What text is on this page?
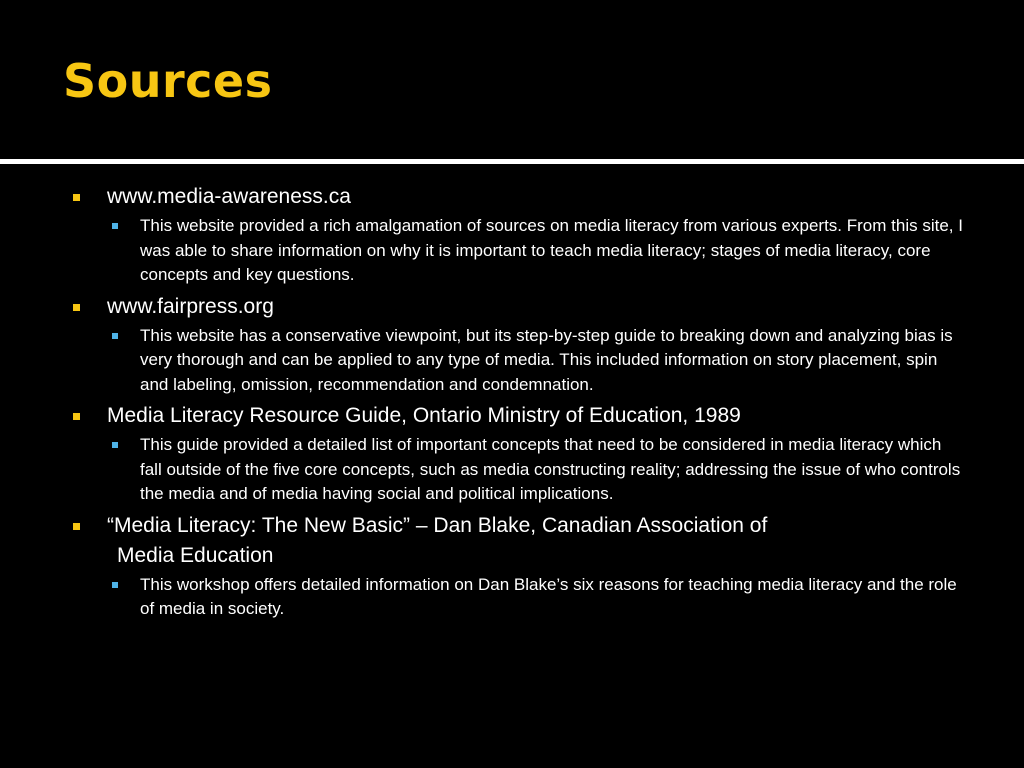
Sources
www.media-awareness.ca
This website provided a rich amalgamation of sources on media literacy from various experts. From this site, I was able to share information on why it is important to teach media literacy; stages of media literacy, core concepts and key questions.
www.fairpress.org
This website has a conservative viewpoint, but its step-by-step guide to breaking down and analyzing bias is very thorough and can be applied to any type of media. This included information on story placement, spin and labeling, omission, recommendation and condemnation.
Media Literacy Resource Guide, Ontario Ministry of Education, 1989
This guide provided a detailed list of important concepts that need to be considered in media literacy which fall outside of the five core concepts, such as media constructing reality; addressing the issue of who controls the media and of media having social and political implications.
“Media Literacy: The New Basic” – Dan Blake, Canadian Association of
Media Education
This workshop offers detailed information on Dan Blake’s six reasons for teaching media literacy and the role of media in society.
